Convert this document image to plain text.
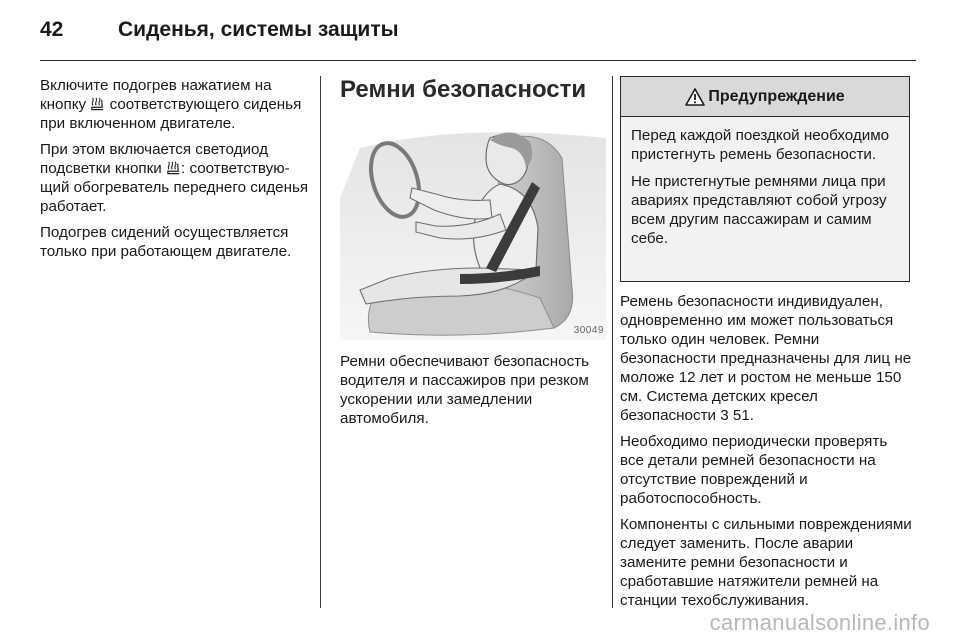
42	Сиденья, системы защиты

Включите подогрев нажатием на кнопку  соответствующего сиденья при включенном двигателе.

При этом включается светодиод подсветки кнопки : соответствующий обогреватель переднего сиденья работает.

Подогрев сидений осуществляется только при работающем двигателе.

Ремни безопасности
30049

Ремни обеспечивают безопасность водителя и пассажиров при резком ускорении или замедлении автомобиля.

Предупреждение

Перед каждой поездкой необходимо пристегнуть ремень безопасности.

Не пристегнутые ремнями лица при авариях представляют собой угрозу всем другим пассажирам и самим себе.

Ремень безопасности индивидуален, одновременно им может пользоваться только один человек. Ремни безопасности предназначены для лиц не моложе 12 лет и ростом не меньше 150 см. Система детских кресел безопасности 3 51.

Необходимо периодически проверять все детали ремней безопасности на отсутствие повреждений и работоспособность.

Компоненты с сильными повреждениями следует заменить. После аварии замените ремни безопасности и сработавшие натяжители ремней на станции техобслуживания.

carmanualsonline.info
